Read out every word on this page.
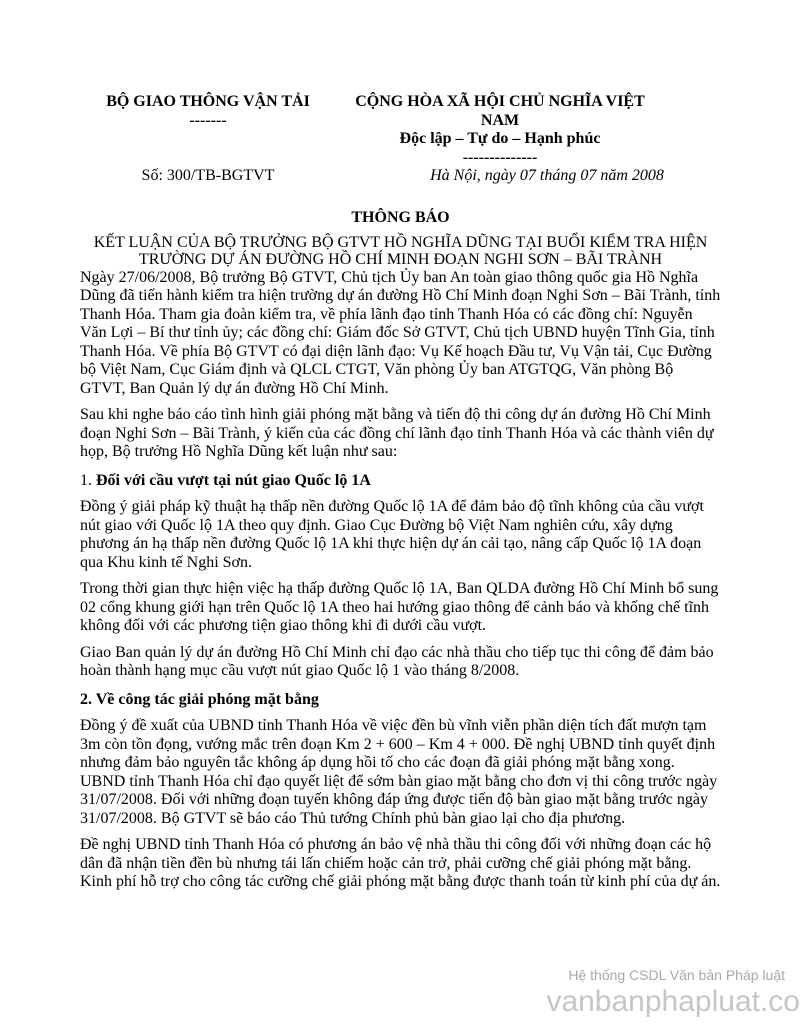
BỘ GIAO THÔNG VẬN TẢI
-------
CỘNG HÒA XÃ HỘI CHỦ NGHĨA VIỆT NAM
Độc lập – Tự do – Hạnh phúc
--------------
Số: 300/TB-BGTVT	Hà Nội, ngày 07 tháng 07 năm 2008
THÔNG BÁO
KẾT LUẬN CỦA BỘ TRƯỞNG BỘ GTVT HỒ NGHĨA DŨNG TẠI BUỔI KIỂM TRA HIỆN TRƯỜNG DỰ ÁN ĐƯỜNG HỒ CHÍ MINH ĐOẠN NGHI SƠN – BÃI TRÀNH

Ngày 27/06/2008, Bộ trưởng Bộ GTVT, Chủ tịch Ủy ban An toàn giao thông quốc gia Hồ Nghĩa Dũng đã tiến hành kiểm tra hiện trường dự án đường Hồ Chí Minh đoạn Nghi Sơn – Bãi Trành, tỉnh Thanh Hóa. Tham gia đoàn kiểm tra, về phía lãnh đạo tỉnh Thanh Hóa có các đồng chí: Nguyễn Văn Lợi – Bí thư tỉnh ủy; các đồng chí: Giám đốc Sở GTVT, Chủ tịch UBND huyện Tĩnh Gia, tỉnh Thanh Hóa. Về phía Bộ GTVT có đại diện lãnh đạo: Vụ Kế hoạch Đầu tư, Vụ Vận tải, Cục Đường bộ Việt Nam, Cục Giám định và QLCL CTGT, Văn phòng Ủy ban ATGTQG, Văn phòng Bộ GTVT, Ban Quản lý dự án đường Hồ Chí Minh.

Sau khi nghe báo cáo tình hình giải phóng mặt bằng và tiến độ thi công dự án đường Hồ Chí Minh đoạn Nghi Sơn – Bãi Trành, ý kiến của các đồng chí lãnh đạo tỉnh Thanh Hóa và các thành viên dự họp, Bộ trưởng Hồ Nghĩa Dũng kết luận như sau:

1. Đối với cầu vượt tại nút giao Quốc lộ 1A

Đồng ý giải pháp kỹ thuật hạ thấp nền đường Quốc lộ 1A để đảm bảo độ tĩnh không của cầu vượt nút giao với Quốc lộ 1A theo quy định. Giao Cục Đường bộ Việt Nam nghiên cứu, xây dựng phương án hạ thấp nền đường Quốc lộ 1A khi thực hiện dự án cải tạo, nâng cấp Quốc lộ 1A đoạn qua Khu kinh tế Nghi Sơn.

Trong thời gian thực hiện việc hạ thấp đường Quốc lộ 1A, Ban QLDA đường Hồ Chí Minh bổ sung 02 cổng khung giới hạn trên Quốc lộ 1A theo hai hướng giao thông để cảnh báo và khống chế tĩnh không đối với các phương tiện giao thông khi đi dưới cầu vượt.

Giao Ban quản lý dự án đường Hồ Chí Minh chỉ đạo các nhà thầu cho tiếp tục thi công để đảm bảo hoàn thành hạng mục cầu vượt nút giao Quốc lộ 1 vào tháng 8/2008.

2. Về công tác giải phóng mặt bằng

Đồng ý đề xuất của UBND tỉnh Thanh Hóa về việc đền bù vĩnh viễn phần diện tích đất mượn tạm 3m còn tồn đọng, vướng mắc trên đoạn Km 2 + 600 – Km 4 + 000. Đề nghị UBND tỉnh quyết định nhưng đảm bảo nguyên tắc không áp dụng hồi tố cho các đoạn đã giải phóng mặt bằng xong. UBND tỉnh Thanh Hóa chỉ đạo quyết liệt để sớm bàn giao mặt bằng cho đơn vị thi công trước ngày 31/07/2008. Đối với những đoạn tuyến không đáp ứng được tiến độ bàn giao mặt bằng trước ngày 31/07/2008. Bộ GTVT sẽ báo cáo Thủ tướng Chính phủ bàn giao lại cho địa phương.

Đề nghị UBND tỉnh Thanh Hóa có phương án bảo vệ nhà thầu thi công đối với những đoạn các hộ dân đã nhận tiền đền bù nhưng tái lấn chiếm hoặc cản trở, phải cưỡng chế giải phóng mặt bằng. Kinh phí hỗ trợ cho công tác cưỡng chế giải phóng mặt bằng được thanh toán từ kinh phí của dự án.

Hệ thống CSDL Văn bản Pháp luật
vanbanphapluat.co
